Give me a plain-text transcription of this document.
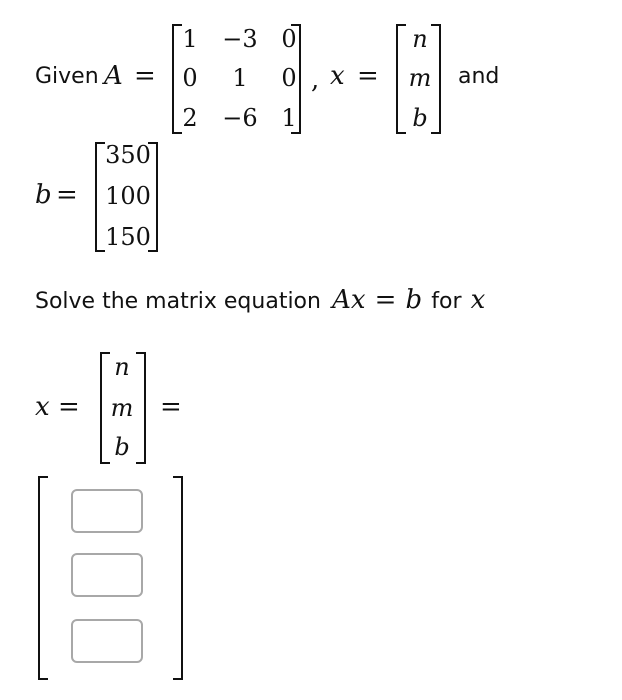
Given A =
1 −3 0
0	1	0
2 −6 1
, x =
n
m
b
and
b =
350
100
150
Solve the matrix equation Ax = b for x
x =
n
m
b
=
